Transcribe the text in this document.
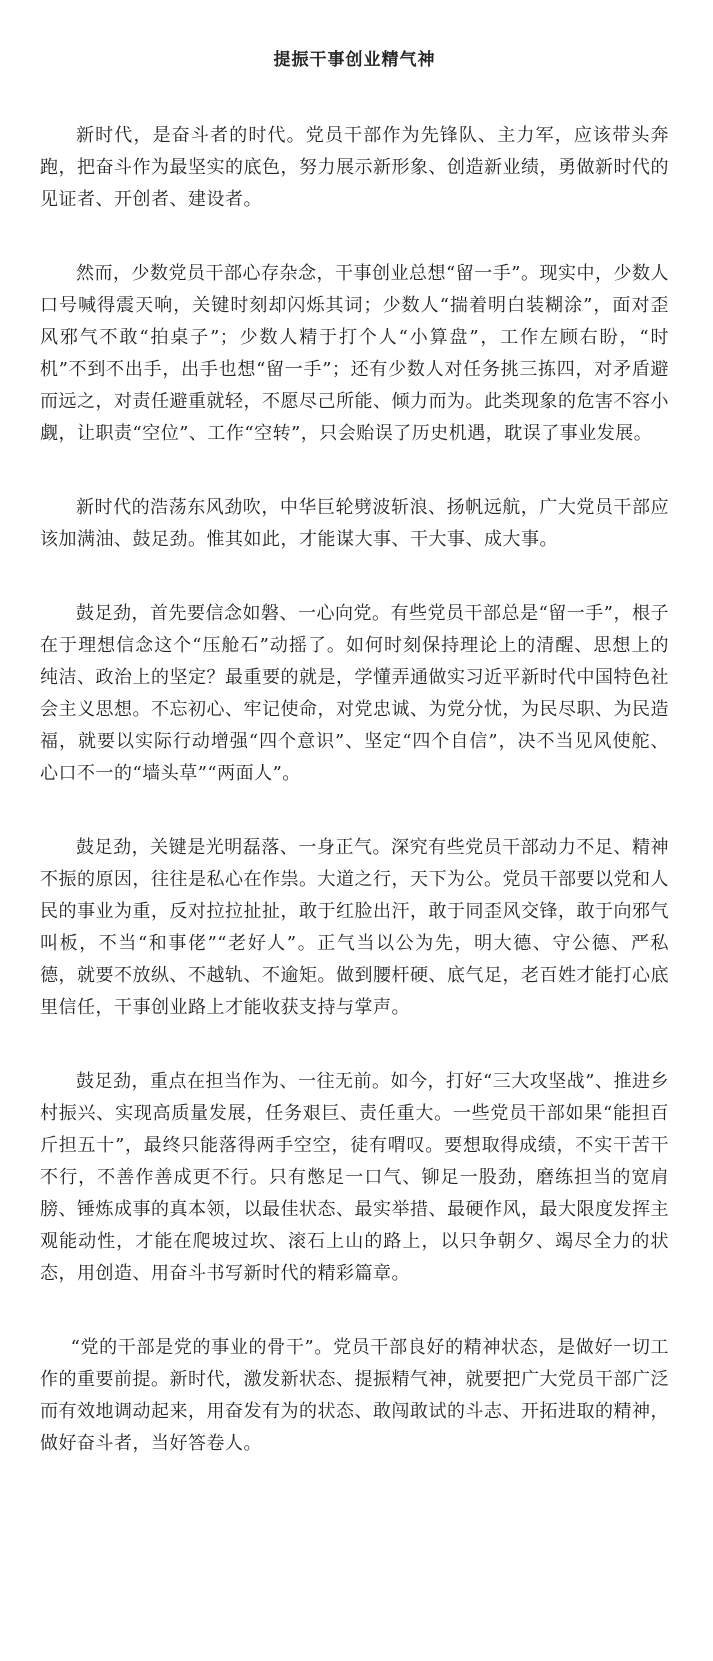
提振干事创业精气神

新时代，是奋斗者的时代。党员干部作为先锋队、主力军，应该带头奔跑，把奋斗作为最坚实的底色，努力展示新形象、创造新业绩，勇做新时代的见证者、开创者、建设者。

然而，少数党员干部心存杂念，干事创业总想“留一手”。现实中，少数人口号喊得震天响，关键时刻却闪烁其词；少数人“揣着明白装糊涂”，面对歪风邪气不敢“拍桌子”；少数人精于打个人“小算盘”，工作左顾右盼，“时机”不到不出手，出手也想“留一手”；还有少数人对任务挑三拣四，对矛盾避而远之，对责任避重就轻，不愿尽己所能、倾力而为。此类现象的危害不容小觑，让职责“空位”、工作“空转”，只会贻误了历史机遇，耽误了事业发展。

新时代的浩荡东风劲吹，中华巨轮劈波斩浪、扬帆远航，广大党员干部应该加满油、鼓足劲。惟其如此，才能谋大事、干大事、成大事。

鼓足劲，首先要信念如磐、一心向党。有些党员干部总是“留一手”，根子在于理想信念这个“压舱石”动摇了。如何时刻保持理论上的清醒、思想上的纯洁、政治上的坚定？最重要的就是，学懂弄通做实习近平新时代中国特色社会主义思想。不忘初心、牢记使命，对党忠诚、为党分忧，为民尽职、为民造福，就要以实际行动增强“四个意识”、坚定“四个自信”，决不当见风使舵、心口不一的“墙头草”“两面人”。

鼓足劲，关键是光明磊落、一身正气。深究有些党员干部动力不足、精神不振的原因，往往是私心在作祟。大道之行，天下为公。党员干部要以党和人民的事业为重，反对拉拉扯扯，敢于红脸出汗，敢于同歪风交锋，敢于向邪气叫板，不当“和事佬”“老好人”。正气当以公为先，明大德、守公德、严私德，就要不放纵、不越轨、不逾矩。做到腰杆硬、底气足，老百姓才能打心底里信任，干事创业路上才能收获支持与掌声。

鼓足劲，重点在担当作为、一往无前。如今，打好“三大攻坚战”、推进乡村振兴、实现高质量发展，任务艰巨、责任重大。一些党员干部如果“能担百斤担五十”，最终只能落得两手空空，徒有喟叹。要想取得成绩，不实干苦干不行，不善作善成更不行。只有憋足一口气、铆足一股劲，磨练担当的宽肩膀、锤炼成事的真本领，以最佳状态、最实举措、最硬作风，最大限度发挥主观能动性，才能在爬坡过坎、滚石上山的路上，以只争朝夕、竭尽全力的状态，用创造、用奋斗书写新时代的精彩篇章。

“党的干部是党的事业的骨干”。党员干部良好的精神状态，是做好一切工作的重要前提。新时代，激发新状态、提振精气神，就要把广大党员干部广泛而有效地调动起来，用奋发有为的状态、敢闯敢试的斗志、开拓进取的精神，做好奋斗者，当好答卷人。
